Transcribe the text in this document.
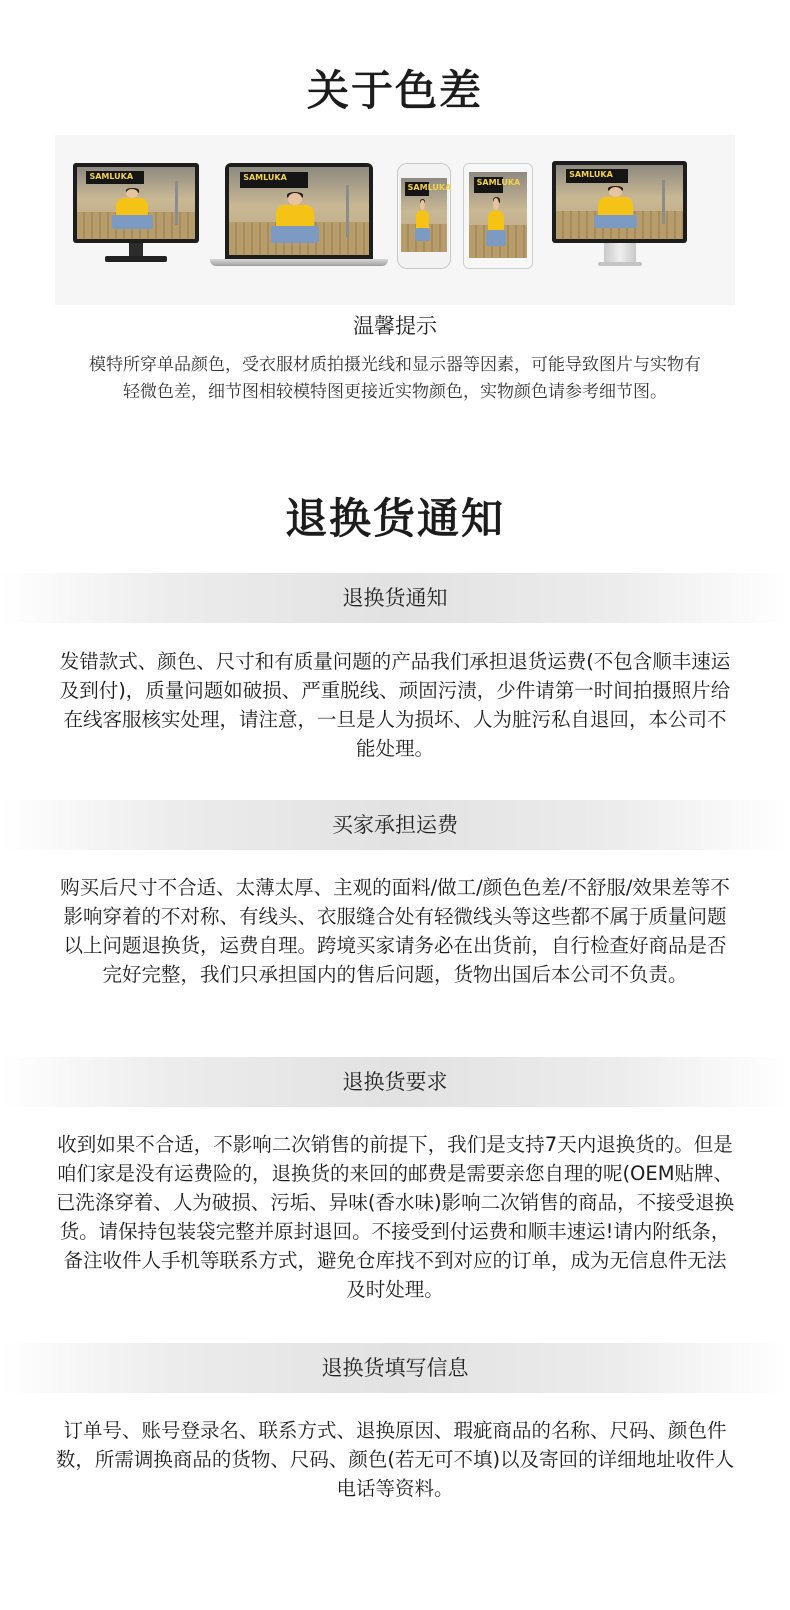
关于色差
SAMLUKA	SAMLUKA
SAMLUKA
SAMLUKA
SAMLUKA
温馨提示
模特所穿单品颜色，受衣服材质拍摄光线和显示器等因素，可能导致图片与实物有轻微色差，细节图相较模特图更接近实物颜色，实物颜色请参考细节图。
退换货通知
退换货通知
发错款式、颜色、尺寸和有质量问题的产品我们承担退货运费(不包含顺丰速运及到付)，质量问题如破损、严重脱线、顽固污渍，少件请第一时间拍摄照片给在线客服核实处理，请注意，一旦是人为损坏、人为脏污私自退回，本公司不能处理。
买家承担运费
购买后尺寸不合适、太薄太厚、主观的面料/做工/颜色色差/不舒服/效果差等不影响穿着的不对称、有线头、衣服缝合处有轻微线头等这些都不属于质量问题以上问题退换货，运费自理。跨境买家请务必在出货前，自行检查好商品是否完好完整，我们只承担国内的售后问题，货物出国后本公司不负责。
退换货要求
收到如果不合适，不影响二次销售的前提下，我们是支持7天内退换货的。但是咱们家是没有运费险的，退换货的来回的邮费是需要亲您自理的呢(OEM贴牌、已洗涤穿着、人为破损、污垢、异味(香水味)影响二次销售的商品，不接受退换货。请保持包装袋完整并原封退回。不接受到付运费和顺丰速运!请内附纸条，备注收件人手机等联系方式，避免仓库找不到对应的订单，成为无信息件无法及时处理。
退换货填写信息
订单号、账号登录名、联系方式、退换原因、瑕疵商品的名称、尺码、颜色件数，所需调换商品的货物、尺码、颜色(若无可不填)以及寄回的详细地址收件人电话等资料。
